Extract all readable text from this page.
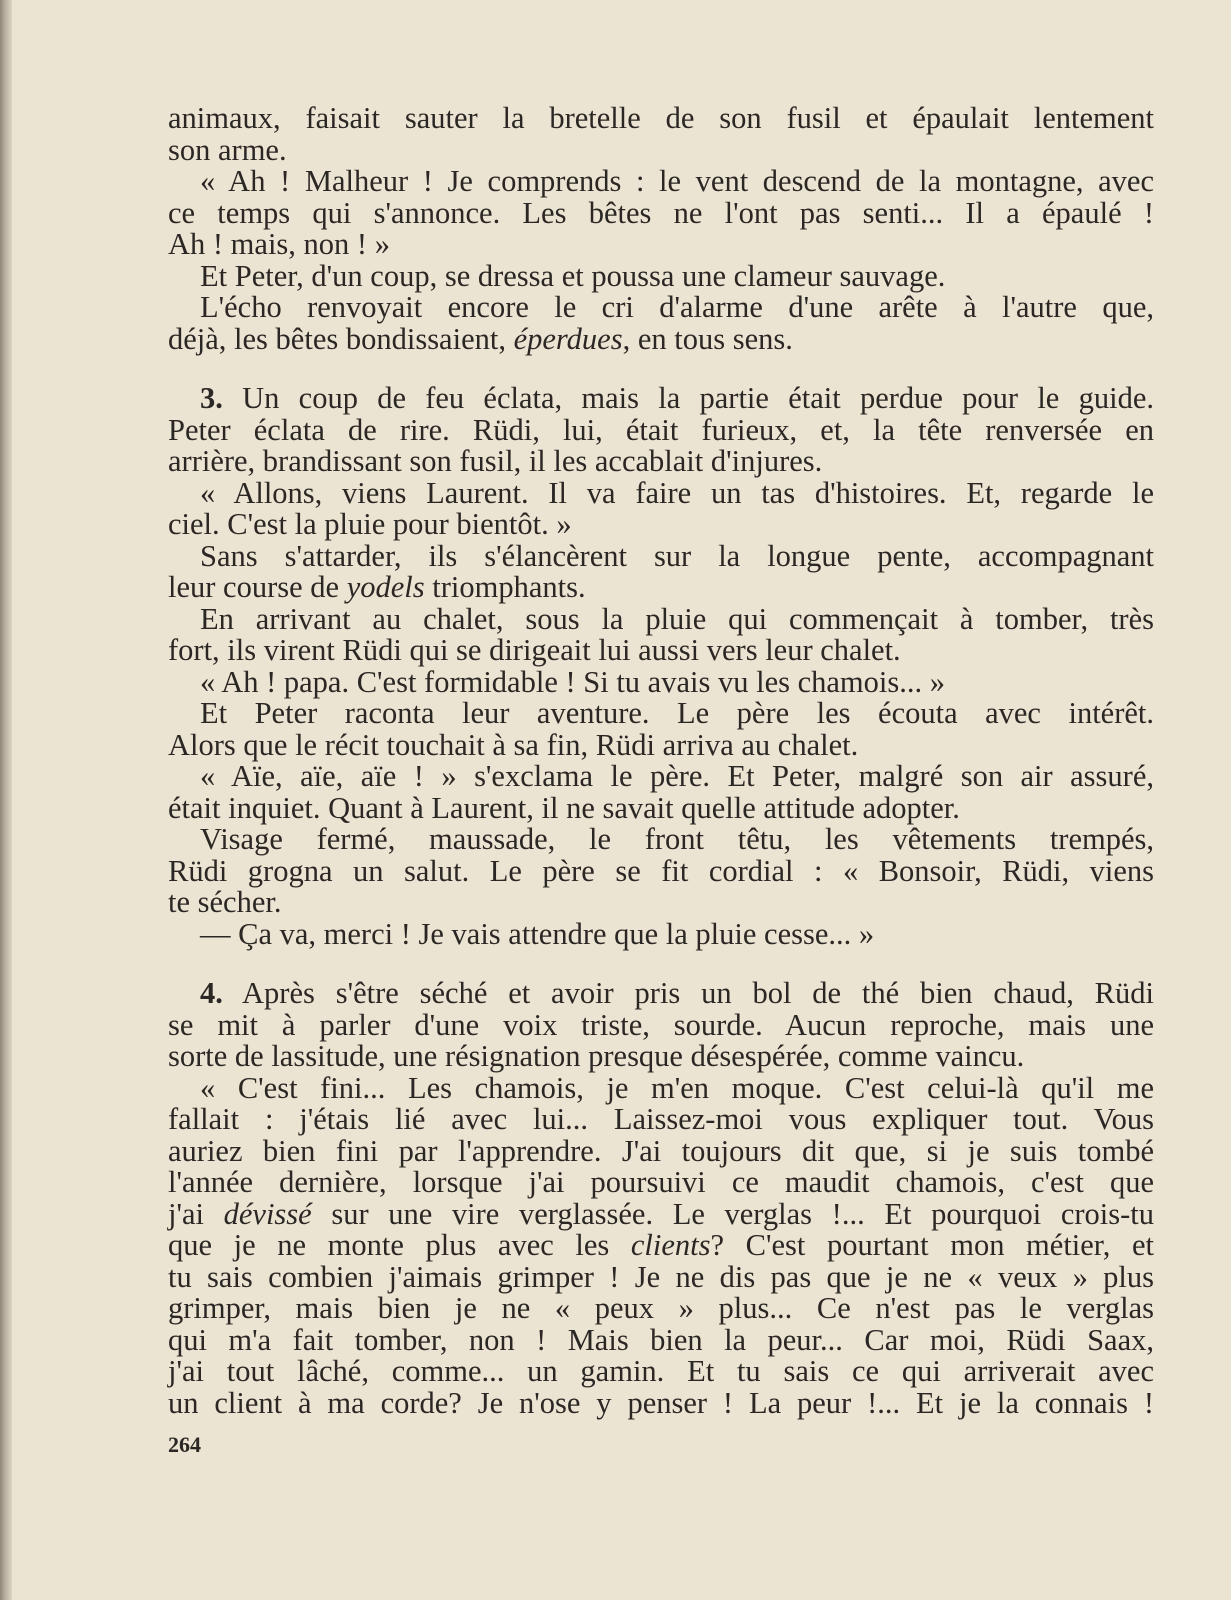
animaux, faisait sauter la bretelle de son fusil et épaulait lentement
son arme.
« Ah ! Malheur ! Je comprends : le vent descend de la montagne, avec
ce temps qui s'annonce. Les bêtes ne l'ont pas senti... Il a épaulé !
Ah ! mais, non ! »
Et Peter, d'un coup, se dressa et poussa une clameur sauvage.
L'écho renvoyait encore le cri d'alarme d'une arête à l'autre que,
déjà, les bêtes bondissaient, éperdues, en tous sens.
3. Un coup de feu éclata, mais la partie était perdue pour le guide.
Peter éclata de rire. Rüdi, lui, était furieux, et, la tête renversée en
arrière, brandissant son fusil, il les accablait d'injures.
« Allons, viens Laurent. Il va faire un tas d'histoires. Et, regarde le
ciel. C'est la pluie pour bientôt. »
Sans s'attarder, ils s'élancèrent sur la longue pente, accompagnant
leur course de yodels triomphants.
En arrivant au chalet, sous la pluie qui commençait à tomber, très
fort, ils virent Rüdi qui se dirigeait lui aussi vers leur chalet.
« Ah ! papa. C'est formidable ! Si tu avais vu les chamois... »
Et Peter raconta leur aventure. Le père les écouta avec intérêt.
Alors que le récit touchait à sa fin, Rüdi arriva au chalet.
« Aïe, aïe, aïe ! » s'exclama le père. Et Peter, malgré son air assuré,
était inquiet. Quant à Laurent, il ne savait quelle attitude adopter.
Visage fermé, maussade, le front têtu, les vêtements trempés,
Rüdi grogna un salut. Le père se fit cordial : « Bonsoir, Rüdi, viens
te sécher.
— Ça va, merci ! Je vais attendre que la pluie cesse... »
4. Après s'être séché et avoir pris un bol de thé bien chaud, Rüdi
se mit à parler d'une voix triste, sourde. Aucun reproche, mais une
sorte de lassitude, une résignation presque désespérée, comme vaincu.
« C'est fini... Les chamois, je m'en moque. C'est celui-là qu'il me
fallait : j'étais lié avec lui... Laissez-moi vous expliquer tout. Vous
auriez bien fini par l'apprendre. J'ai toujours dit que, si je suis tombé
l'année dernière, lorsque j'ai poursuivi ce maudit chamois, c'est que
j'ai dévissé sur une vire verglassée. Le verglas !... Et pourquoi crois-tu
que je ne monte plus avec les clients? C'est pourtant mon métier, et
tu sais combien j'aimais grimper ! Je ne dis pas que je ne « veux » plus
grimper, mais bien je ne « peux » plus... Ce n'est pas le verglas
qui m'a fait tomber, non ! Mais bien la peur... Car moi, Rüdi Saax,
j'ai tout lâché, comme... un gamin. Et tu sais ce qui arriverait avec
un client à ma corde? Je n'ose y penser ! La peur !... Et je la connais !
264
